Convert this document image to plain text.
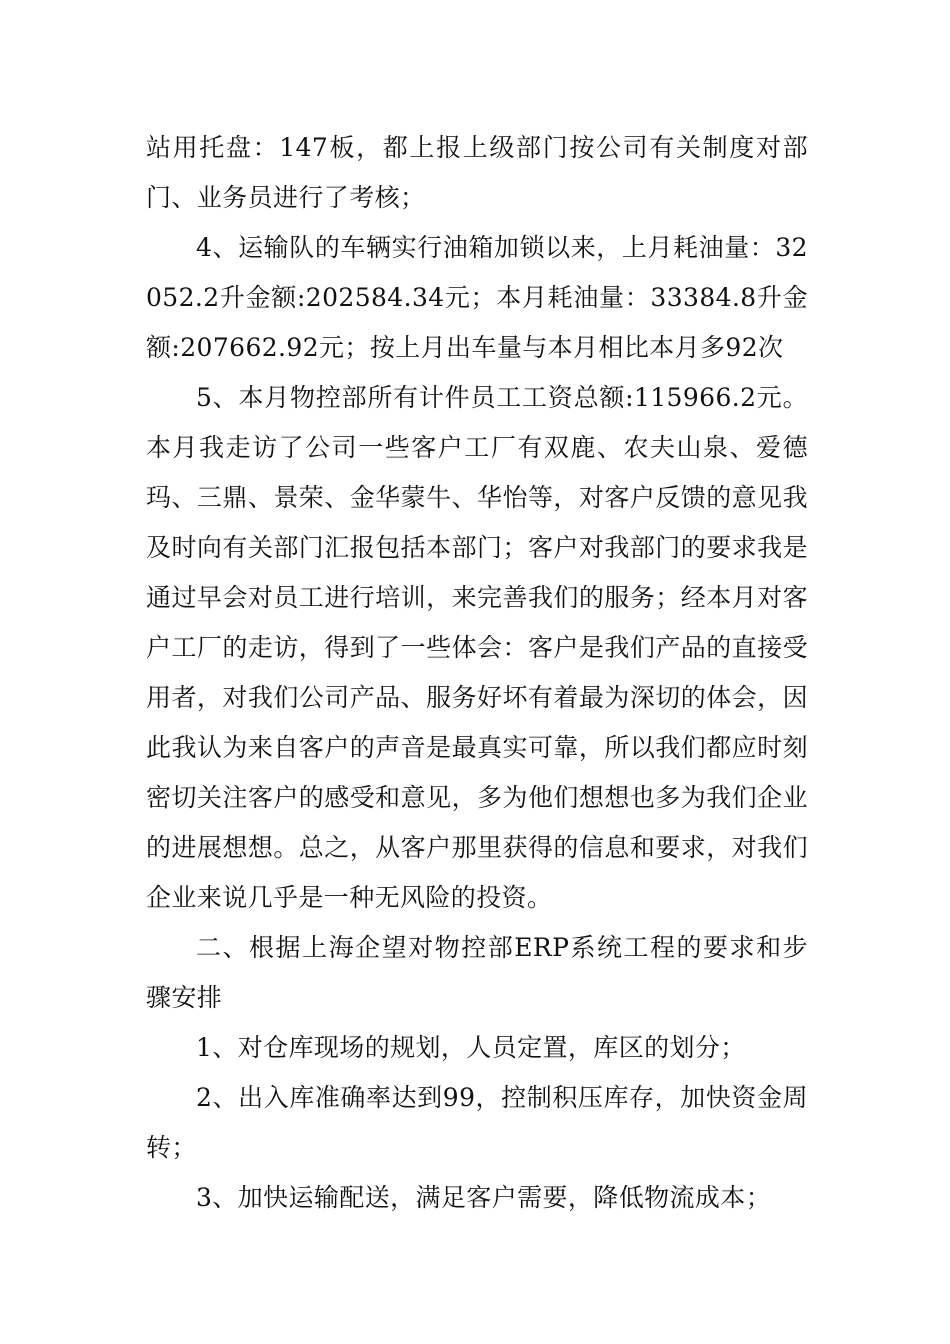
站用托盘：147板，都上报上级部门按公司有关制度对部门、业务员进行了考核；

4、运输队的车辆实行油箱加锁以来，上月耗油量：32052.2升金额:202584.34元；本月耗油量：33384.8升金额:207662.92元；按上月出车量与本月相比本月多92次

5、本月物控部所有计件员工工资总额:115966.2元。本月我走访了公司一些客户工厂有双鹿、农夫山泉、爱德玛、三鼎、景荣、金华蒙牛、华怡等，对客户反馈的意见我及时向有关部门汇报包括本部门；客户对我部门的要求我是通过早会对员工进行培训，来完善我们的服务；经本月对客户工厂的走访，得到了一些体会：客户是我们产品的直接受用者，对我们公司产品、服务好坏有着最为深切的体会，因此我认为来自客户的声音是最真实可靠，所以我们都应时刻密切关注客户的感受和意见，多为他们想想也多为我们企业的进展想想。总之，从客户那里获得的信息和要求，对我们企业来说几乎是一种无风险的投资。

二、根据上海企望对物控部ERP系统工程的要求和步骤安排

1、对仓库现场的规划，人员定置，库区的划分；

2、出入库准确率达到99，控制积压库存，加快资金周转；

3、加快运输配送，满足客户需要，降低物流成本；
